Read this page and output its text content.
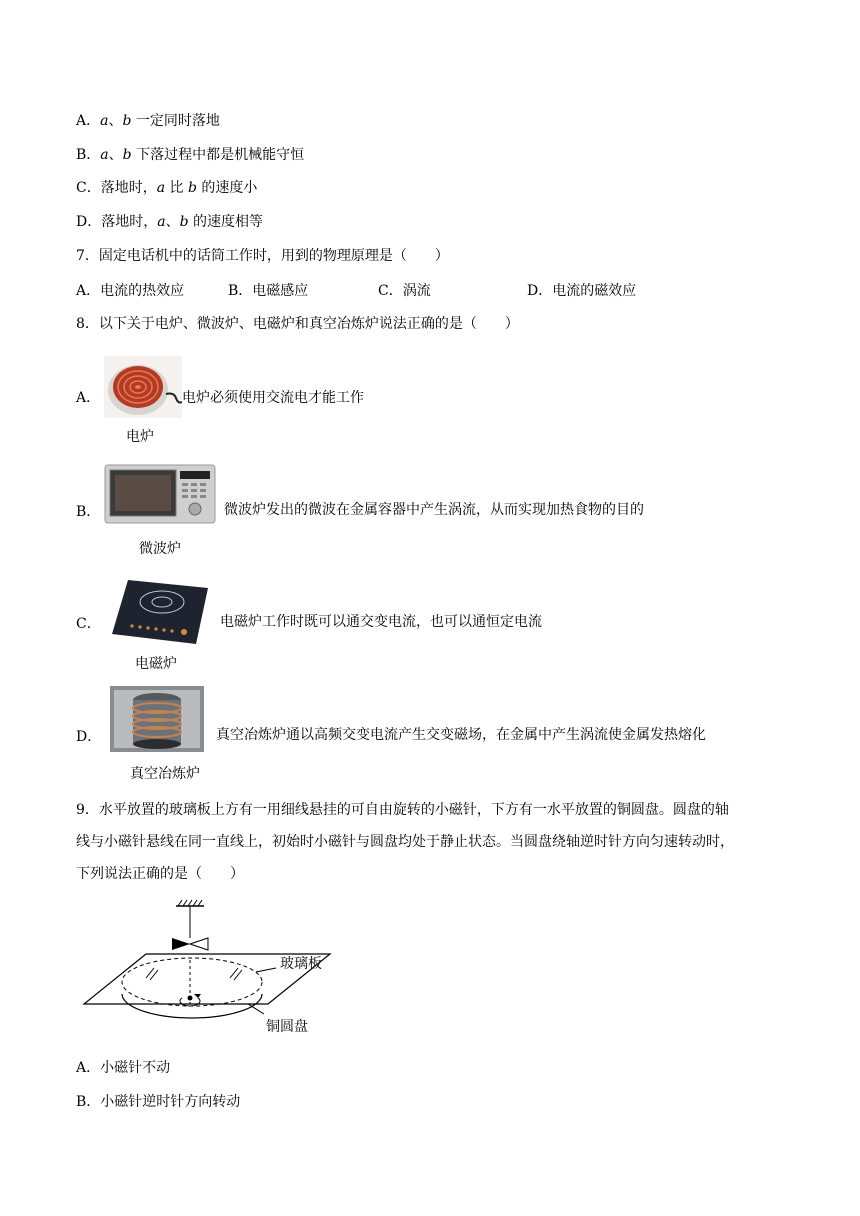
A．a、b 一定同时落地
B．a、b 下落过程中都是机械能守恒
C．落地时，a 比 b 的速度小
D．落地时，a、b 的速度相等
7．固定电话机中的话筒工作时，用到的物理原理是（　　）
A．电流的热效应	B．电磁感应	C．涡流	D．电流的磁效应
8．以下关于电炉、微波炉、电磁炉和真空冶炼炉说法正确的是（　　）
A．	电炉必须使用交流电才能工作
电炉
B．	微波炉发出的微波在金属容器中产生涡流，从而实现加热食物的目的
微波炉
C．	电磁炉工作时既可以通交变电流，也可以通恒定电流
电磁炉
D．	真空冶炼炉通以高频交变电流产生交变磁场，在金属中产生涡流使金属发热熔化
真空冶炼炉
9．水平放置的玻璃板上方有一用细线悬挂的可自由旋转的小磁针，下方有一水平放置的铜圆盘。圆盘的轴
线与小磁针悬线在同一直线上，初始时小磁针与圆盘均处于静止状态。当圆盘绕轴逆时针方向匀速转动时，
下列说法正确的是（　　）
玻璃板
铜圆盘
A．小磁针不动
B．小磁针逆时针方向转动
